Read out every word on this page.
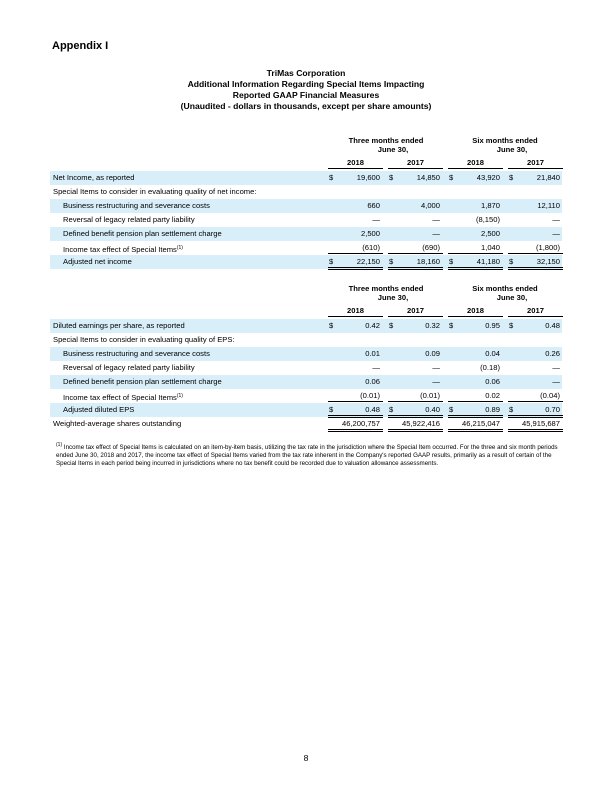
Appendix I
TriMas Corporation
Additional Information Regarding Special Items Impacting
Reported GAAP Financial Measures
(Unaudited - dollars in thousands, except per share amounts)
Three months ended
June 30,
Six months ended
June 30,
2018	2017	2018	2017
Net Income, as reported	$	19,600 $	14,850 $	43,920 $	21,840
Special Items to consider in evaluating quality of net income:
Business restructuring and severance costs	660	4,000	1,870	12,110
Reversal of legacy related party liability	—	—	(8,150)	—
Defined benefit pension plan settlement charge	2,500	—	2,500	—
Income tax effect of Special Items$^{(1)}$	(610)	(690)	1,040	(1,800)
Adjusted net income	$	22,150 $	18,160 $	41,180 $	32,150
Three months ended
June 30,
Six months ended
June 30,
2018	2017	2018	2017
Diluted earnings per share, as reported	$	0.42 $	0.32 $	0.95 $	0.48
Special Items to consider in evaluating quality of EPS:
Business restructuring and severance costs	0.01	0.09	0.04	0.26
Reversal of legacy related party liability	—	—	(0.18)	—
Defined benefit pension plan settlement charge	0.06	—	0.06	—
Income tax effect of Special Items$^{(1)}$	(0.01)	(0.01)	0.02	(0.04)
Adjusted diluted EPS	$	0.48 $	0.40 $	0.89 $	0.70
Weighted-average shares outstanding	46,200,757	45,922,416	46,215,047	45,915,687
$^{(1)}$ Income tax effect of Special Items is calculated on an item-by-item basis, utilizing the tax rate in the jurisdiction where the Special Item occurred. For the three and six month periods ended June 30, 2018 and 2017, the income tax effect of Special Items varied from the tax rate inherent in the Company's reported GAAP results, primarily as a result of certain of the Special Items in each period being incurred in jurisdictions where no tax benefit could be recorded due to valuation allowance assessments.
8
